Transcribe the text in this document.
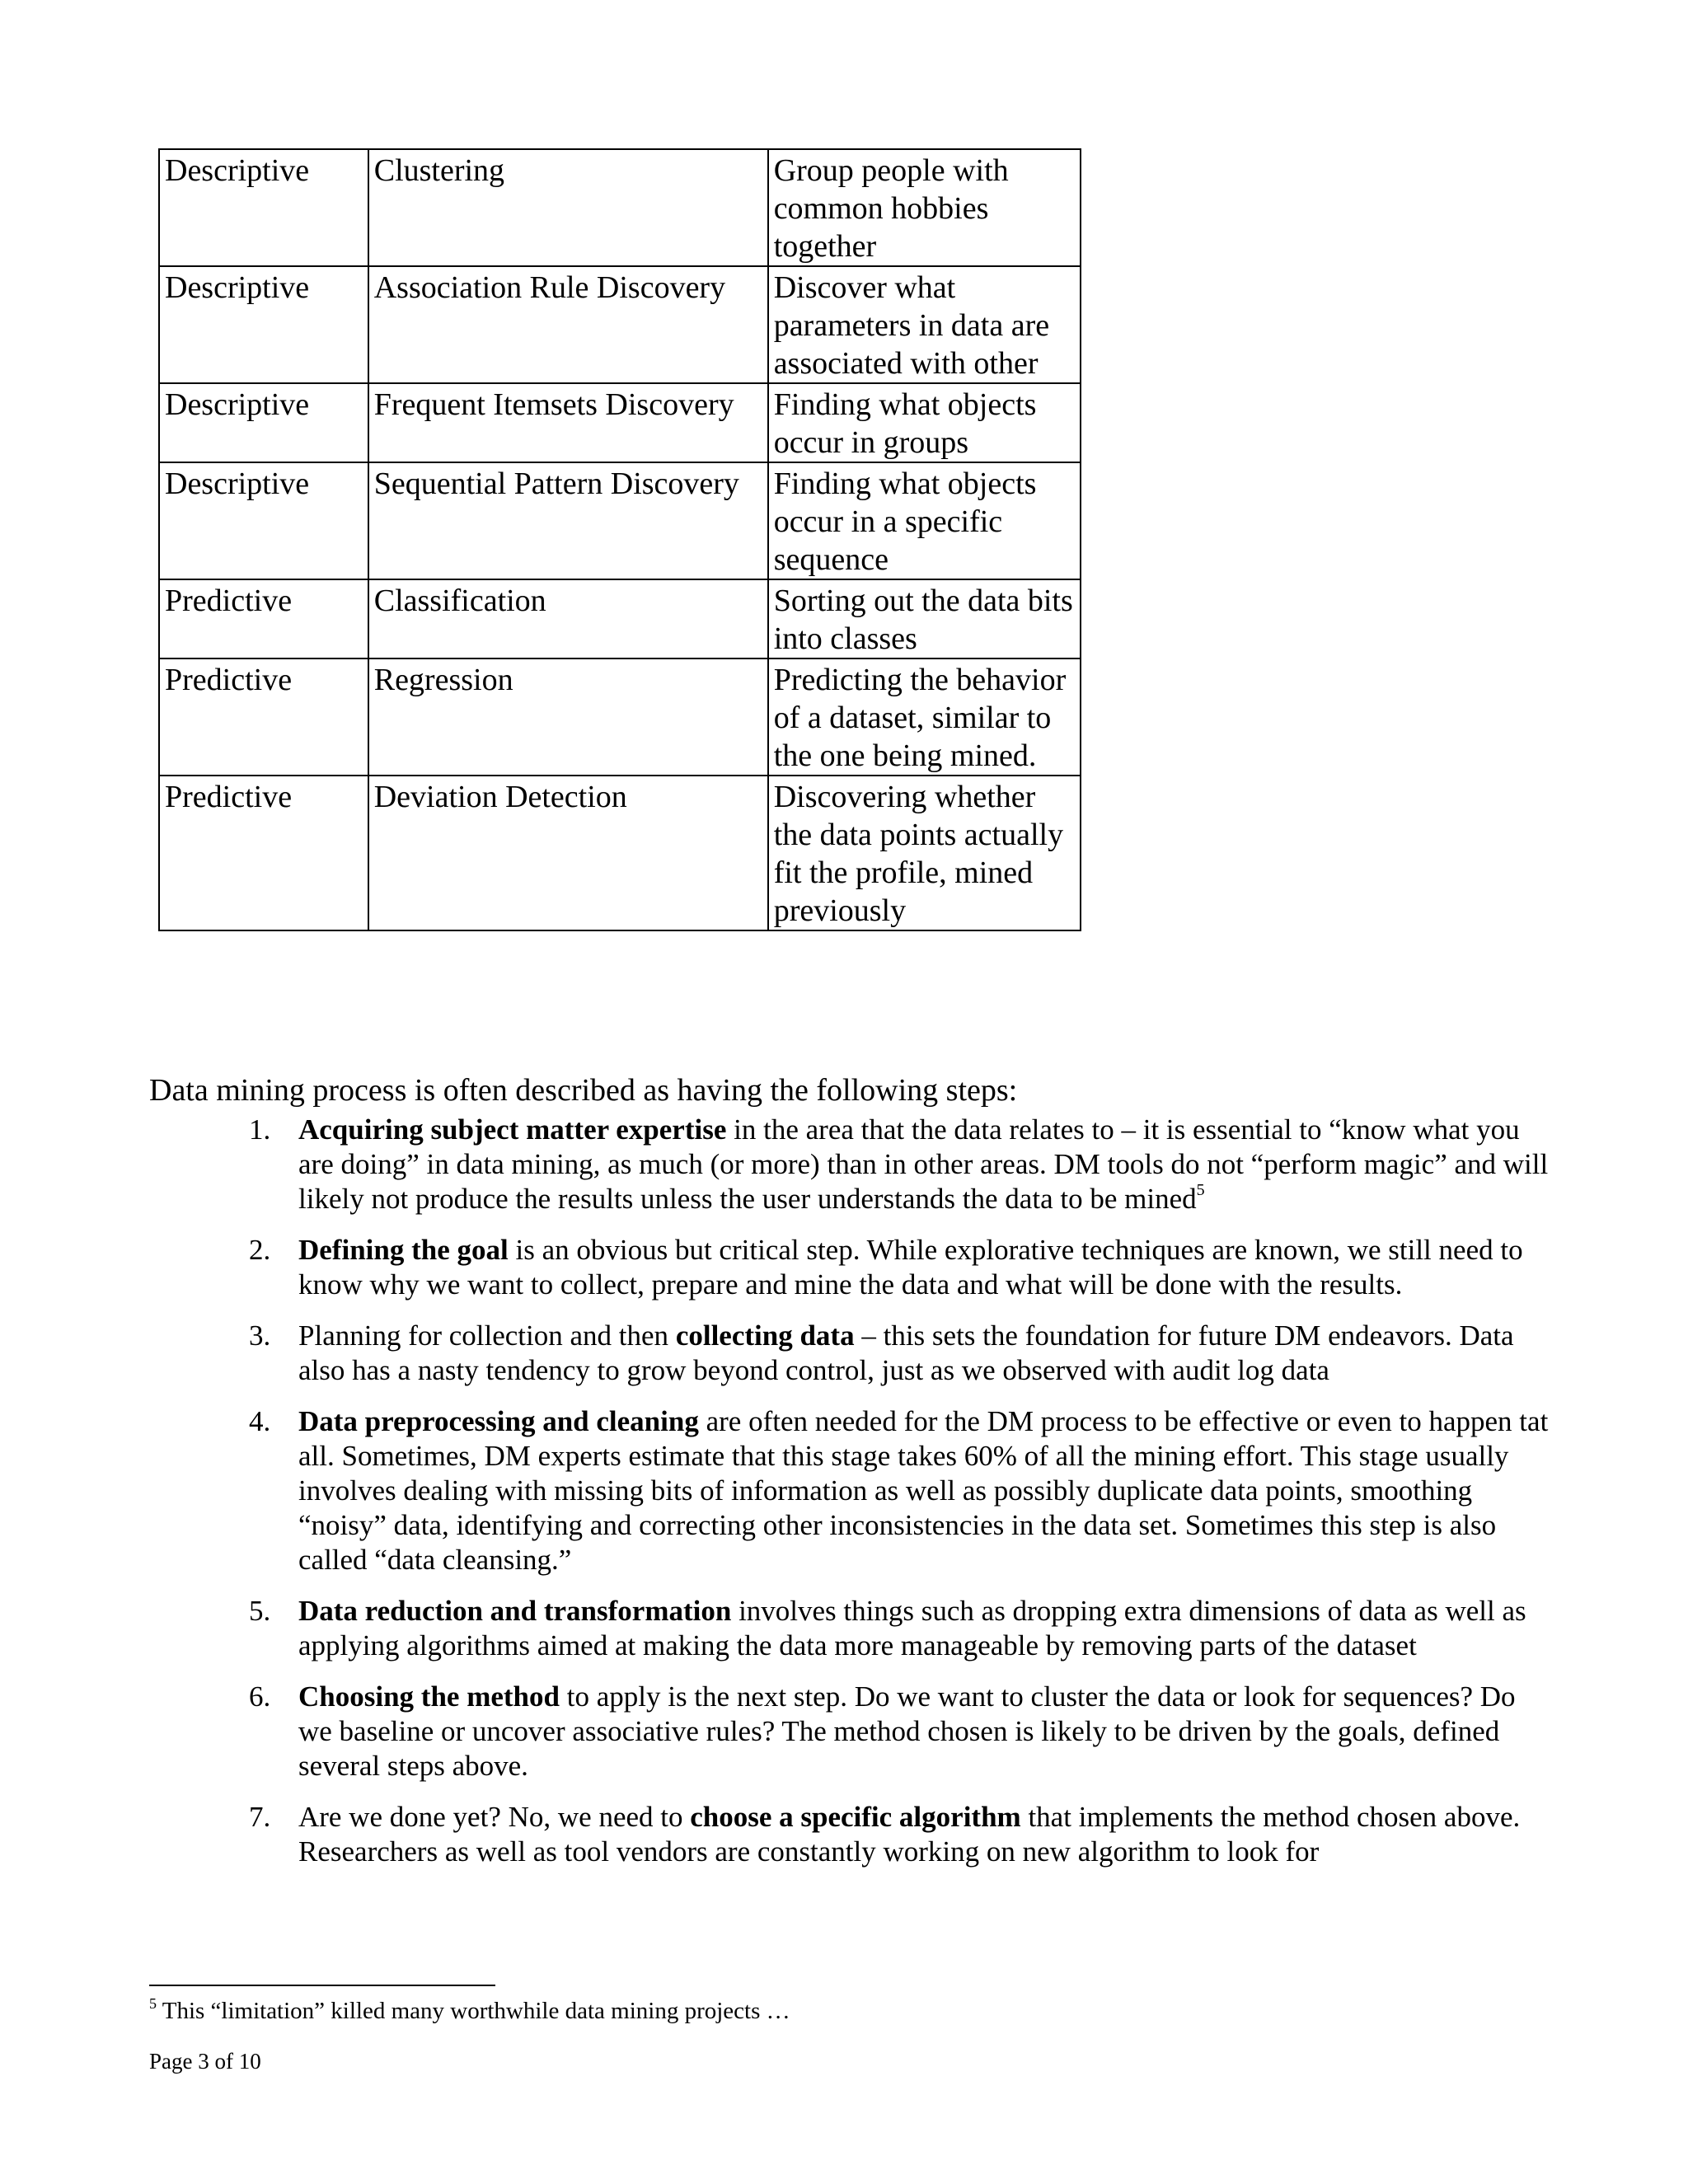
Descriptive	Clustering	Group people with common hobbies together
Descriptive	Association Rule Discovery	Discover what parameters in data are associated with other
Descriptive	Frequent Itemsets Discovery	Finding what objects occur in groups
Descriptive	Sequential Pattern Discovery	Finding what objects occur in a specific sequence
Predictive	Classification	Sorting out the data bits into classes
Predictive	Regression	Predicting the behavior of a dataset, similar to the one being mined.
Predictive	Deviation Detection	Discovering whether the data points actually fit the profile, mined previously

Data mining process is often described as having the following steps:

1. Acquiring subject matter expertise in the area that the data relates to – it is essential to “know what you are doing” in data mining, as much (or more) than in other areas. DM tools do not “perform magic” and will likely not produce the results unless the user understands the data to be mined$^5$
2. Defining the goal is an obvious but critical step. While explorative techniques are known, we still need to know why we want to collect, prepare and mine the data and what will be done with the results.
3. Planning for collection and then collecting data – this sets the foundation for future DM endeavors. Data also has a nasty tendency to grow beyond control, just as we observed with audit log data
4. Data preprocessing and cleaning are often needed for the DM process to be effective or even to happen tat all. Sometimes, DM experts estimate that this stage takes 60% of all the mining effort. This stage usually involves dealing with missing bits of information as well as possibly duplicate data points, smoothing “noisy” data, identifying and correcting other inconsistencies in the data set. Sometimes this step is also called “data cleansing.”
5. Data reduction and transformation involves things such as dropping extra dimensions of data as well as applying algorithms aimed at making the data more manageable by removing parts of the dataset
6. Choosing the method to apply is the next step. Do we want to cluster the data or look for sequences? Do we baseline or uncover associative rules? The method chosen is likely to be driven by the goals, defined several steps above.
7. Are we done yet? No, we need to choose a specific algorithm that implements the method chosen above. Researchers as well as tool vendors are constantly working on new algorithm to look for

$^5$ This “limitation” killed many worthwhile data mining projects …

Page 3 of 10
